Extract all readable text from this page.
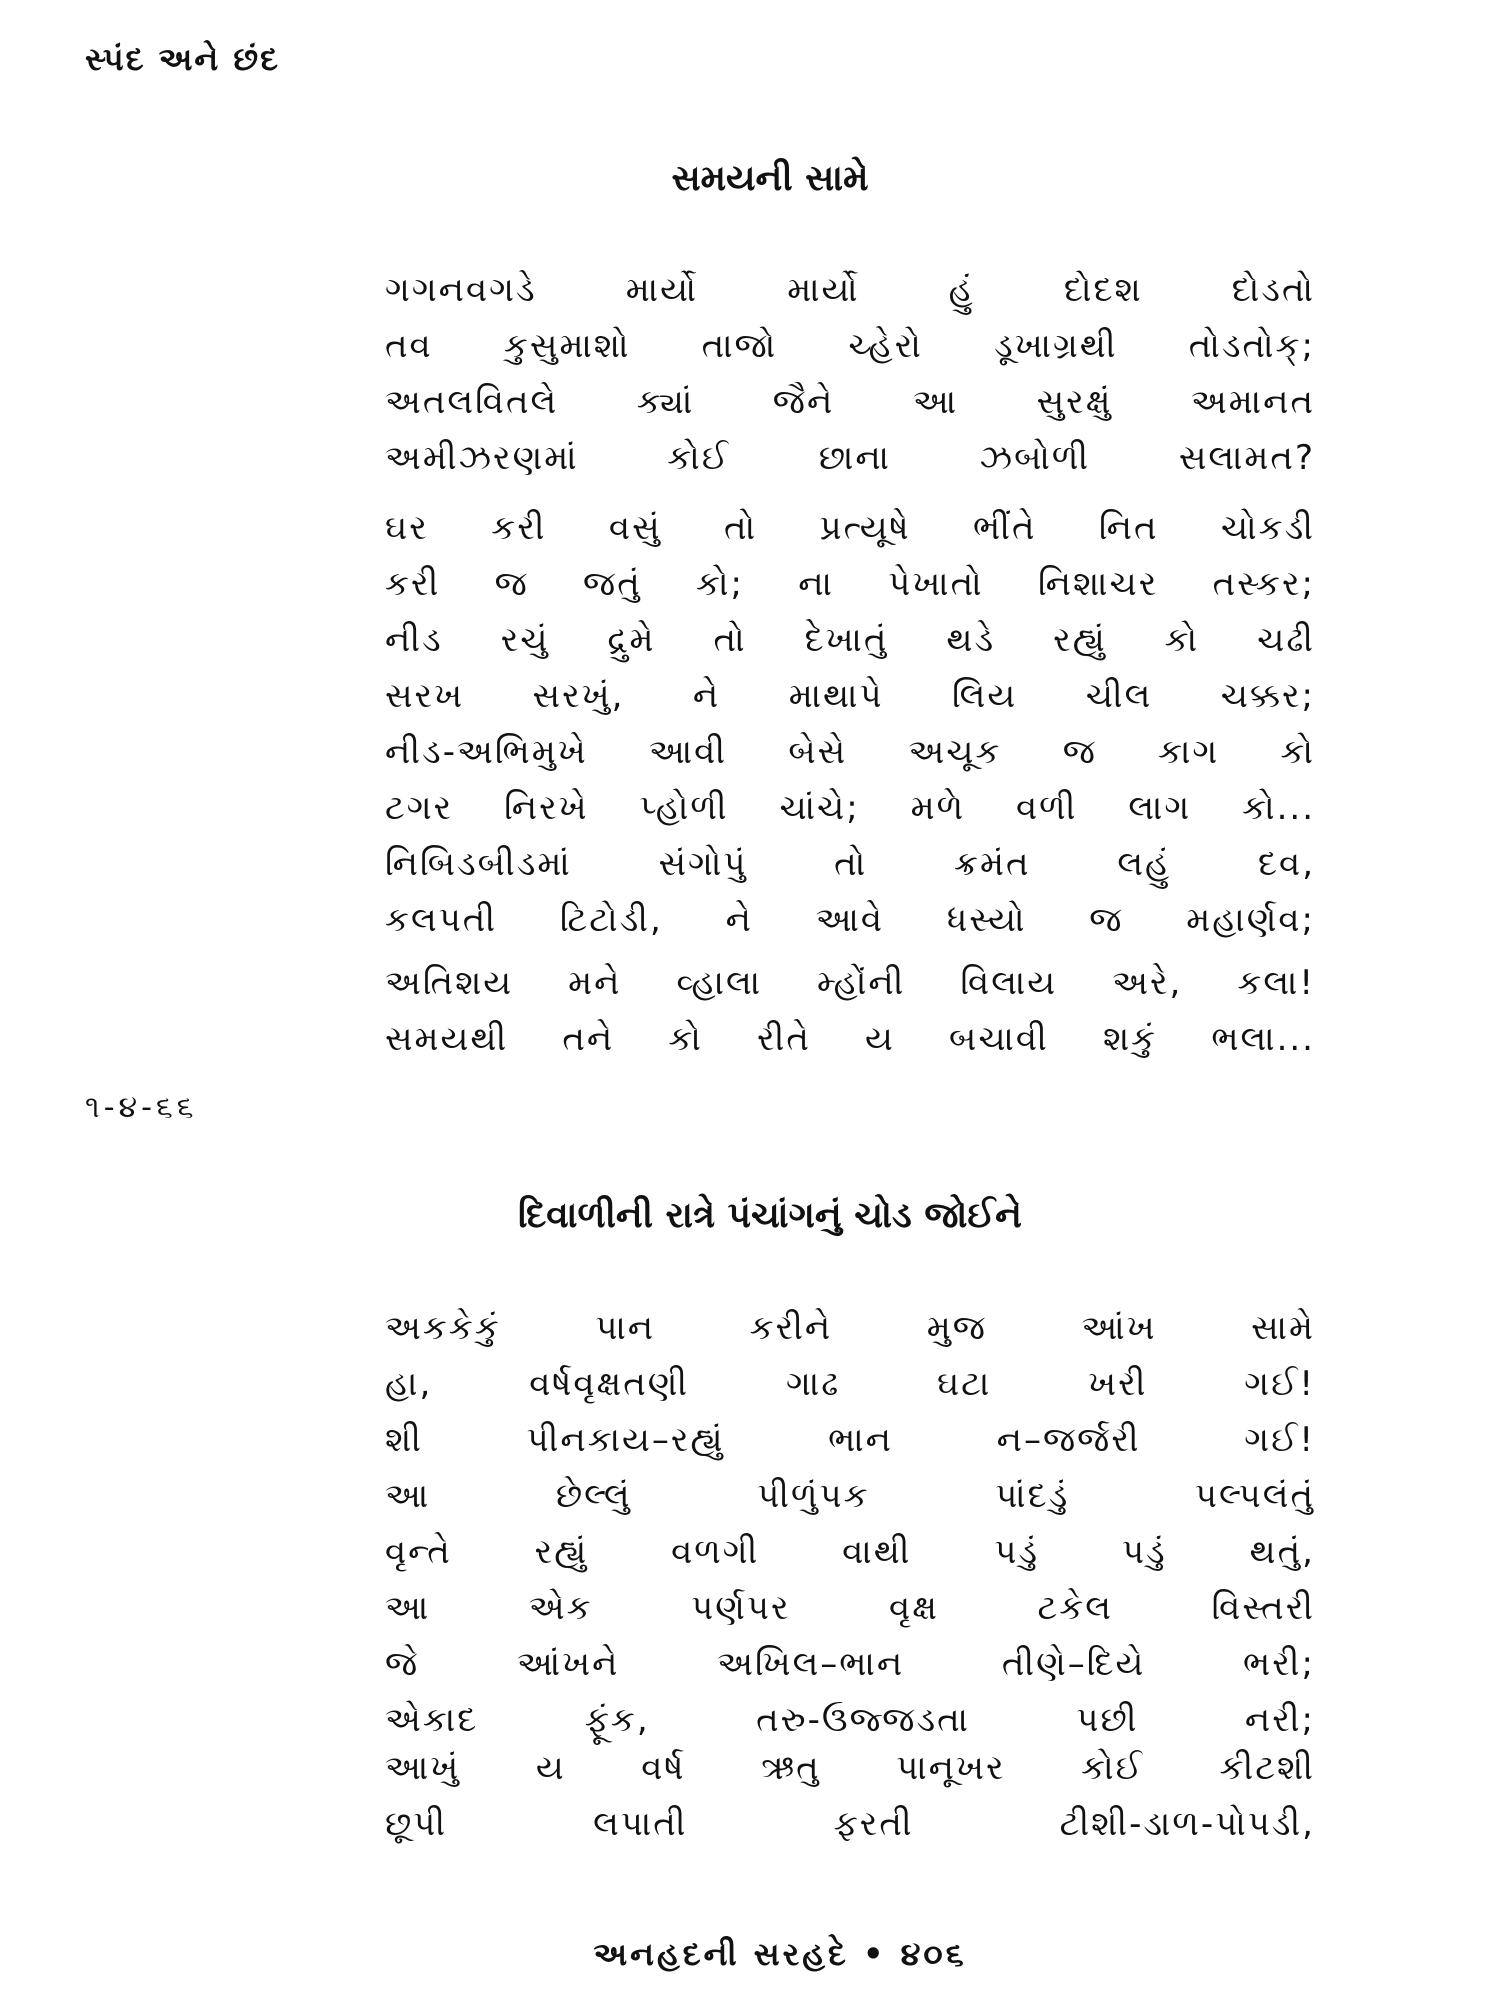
સ્પંદ અને છંદ
સમયની સામે
ગગનવગડે માર્યો માર્યો હું દોદશ દોડતો
તવ કુસુમાશો તાજો ચ્હેરો ડૂખાગ્રથી તોડતોક્;
અતલવિતલે ક્યાં જૈને આ સુરક્ષું અમાનત
અમીઝરણમાં કોઈ છાના ઝબોળી સલામત?
ઘર કરી વસું તો પ્રત્યૂષે ભીંતે નિત ચોકડી
કરી જ જતું કો; ના પેખાતો નિશાચર તસ્કર;
નીડ રચું દ્રુમે તો દેખાતું થડે રહ્યું કો ચઢી
સરખ સરખું, ને માથાપે લિય ચીલ ચક્કર;
નીડ-અભિમુખે આવી બેસે અચૂક જ કાગ કો
ટગર નિરખે પ્હોળી ચાંચે; મળે વળી લાગ કો...
નિબિડબીડમાં સંગોપું તો ક્રમંત લહું દવ,
કલપતી ટિટોડી, ને આવે ધસ્યો જ મહાર્ણવ;
અતિશય મને વ્હાલા મ્હોંની વિલાય અરે, કલા!
સમયથી તને કો રીતે ય બચાવી શકું ભલા...
૧-૪-૬૬
દિવાળીની રાત્રે પંચાંગનું ચોડ જોઈને
અકકેકું પાન કરીને મુજ આંખ સામે
હા, વર્ષવૃક્ષતણી ગાઢ ઘટા ખરી ગઈ!
શી પીનકાય–રહ્યું ભાન ન–જર્જરી ગઈ!
આ છેલ્લું પીળુંપક પાંદડું પલ્પલંતું
વૃન્તે રહ્યું વળગી વાથી પડું પડું થતું,
આ એક પર્ણપર વૃક્ષ ટકેલ વિસ્તરી
જે આંખને અખિલ–ભાન તીણે–દિયે ભરી;
એકાદ ફૂંક, તરુ-ઉજ્જડતા પછી નરી;
આખું ય વર્ષ ઋતુ પાનૂખર કોઈ કીટશી
છૂપી લપાતી ફરતી ટીશી-ડાળ-પોપડી,
અનહદની સરહદે • ૪૦૬
